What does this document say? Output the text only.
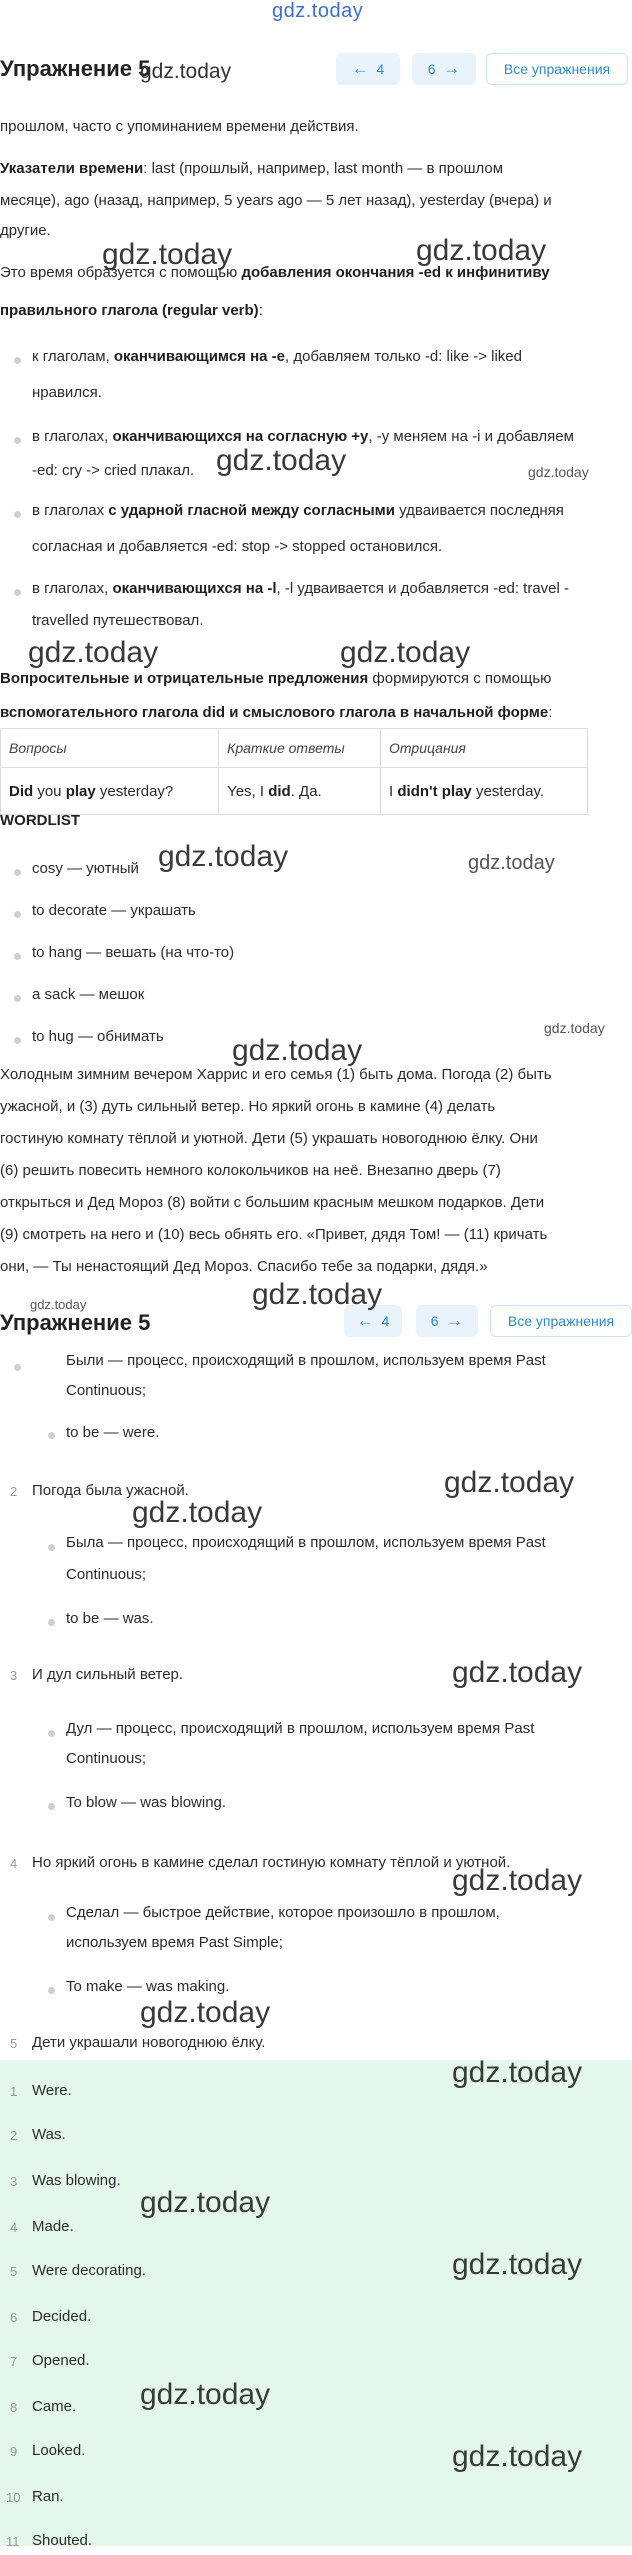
gdz.today
Упражнение 5
gdz.today	← 4	6 →	Все упражнения
прошлом, часто с упоминанием времени действия.
Указатели времени: last (прошлый, например, last month — в прошлом
месяце), ago (назад, например, 5 years ago — 5 лет назад), yesterday (вчера) и
другие.
Это время образуется с помощью добавления окончания -ed к инфинитиву
правильного глагола (regular verb):
к глаголам, оканчивающимся на -e, добавляем только -d: like -> liked
нравился.
в глаголах, оканчивающихся на согласную +y, -y меняем на -i и добавляем
-ed: cry -> cried плакал.
в глаголах с ударной гласной между согласными удваивается последняя
согласная и добавляется -ed: stop -> stopped остановился.
в глаголах, оканчивающихся на -l, -l удваивается и добавляется -ed: travel -
travelled путешествовал.
Вопросительные и отрицательные предложения формируются с помощью
вспомогательного глагола did и смыслового глагола в начальной форме:
Вопросы	Краткие ответы	Отрицания
Did you play yesterday?	Yes, I did. Да.	I didn't play yesterday.
WORDLIST
cosy — уютный
to decorate — украшать
to hang — вешать (на что-то)
a sack — мешок
to hug — обнимать
Холодным зимним вечером Харрис и его семья (1) быть дома. Погода (2) быть
ужасной, и (3) дуть сильный ветер. Но яркий огонь в камине (4) делать
гостиную комнату тёплой и уютной. Дети (5) украшать новогоднюю ёлку. Они
(6) решить повесить немного колокольчиков на неё. Внезапно дверь (7)
открыться и Дед Мороз (8) войти с большим красным мешком подарков. Дети
(9) смотреть на него и (10) весь обнять его. «Привет, дядя Том! — (11) кричать
они, — Ты ненастоящий Дед Мороз. Спасибо тебе за подарки, дядя.»
Упражнение 5	← 4	6 →	Все упражнения
gdz.today
Были — процесс, происходящий в прошлом, используем время Past
Continuous;
to be — were.
2 Погода была ужасной.
Была — процесс, происходящий в прошлом, используем время Past
Continuous;
to be — was.
3 И дул сильный ветер.
Дул — процесс, происходящий в прошлом, используем время Past
Continuous;
To blow — was blowing.
4 Но яркий огонь в камине сделал гостиную комнату тёплой и уютной.
Сделал — быстрое действие, которое произошло в прошлом,
используем время Past Simple;
To make — was making.
5 Дети украшали новогоднюю ёлку.
1 Were.
2 Was.
3 Was blowing.
4 Made.
5 Were decorating.
6 Decided.
7 Opened.
8 Came.
9 Looked.
10 Ran.
11 Shouted.
gdz.today	gdz.today
gdz.today	gdz.today
gdz.today	gdz.today
gdz.today	gdz.today
gdz.today
gdz.today
gdz.today
gdz.today
gdz.today
gdz.today
gdz.today
gdz.today
gdz.today
gdz.today
gdz.today
gdz.today
gdz.today
